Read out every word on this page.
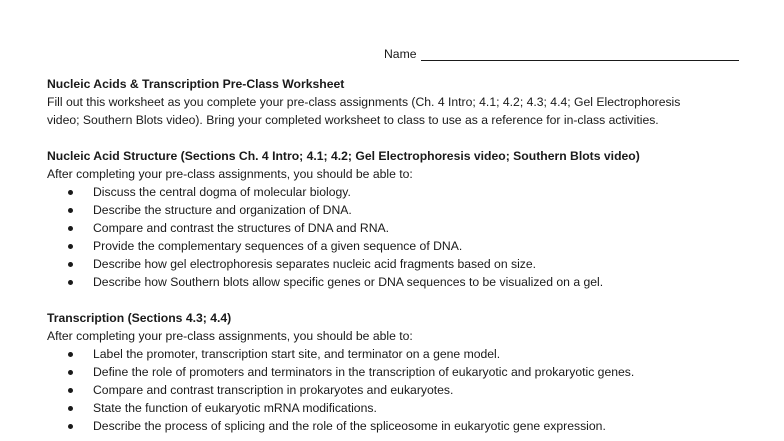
Name
Nucleic Acids & Transcription Pre-Class Worksheet
Fill out this worksheet as you complete your pre-class assignments (Ch. 4 Intro; 4.1; 4.2; 4.3; 4.4; Gel Electrophoresis
video; Southern Blots video). Bring your completed worksheet to class to use as a reference for in-class activities.
Nucleic Acid Structure (Sections Ch. 4 Intro; 4.1; 4.2; Gel Electrophoresis video; Southern Blots video)
After completing your pre-class assignments, you should be able to:
Discuss the central dogma of molecular biology.
Describe the structure and organization of DNA.
Compare and contrast the structures of DNA and RNA.
Provide the complementary sequences of a given sequence of DNA.
Describe how gel electrophoresis separates nucleic acid fragments based on size.
Describe how Southern blots allow specific genes or DNA sequences to be visualized on a gel.
Transcription (Sections 4.3; 4.4)
After completing your pre-class assignments, you should be able to:
Label the promoter, transcription start site, and terminator on a gene model.
Define the role of promoters and terminators in the transcription of eukaryotic and prokaryotic genes.
Compare and contrast transcription in prokaryotes and eukaryotes.
State the function of eukaryotic mRNA modifications.
Describe the process of splicing and the role of the spliceosome in eukaryotic gene expression.
